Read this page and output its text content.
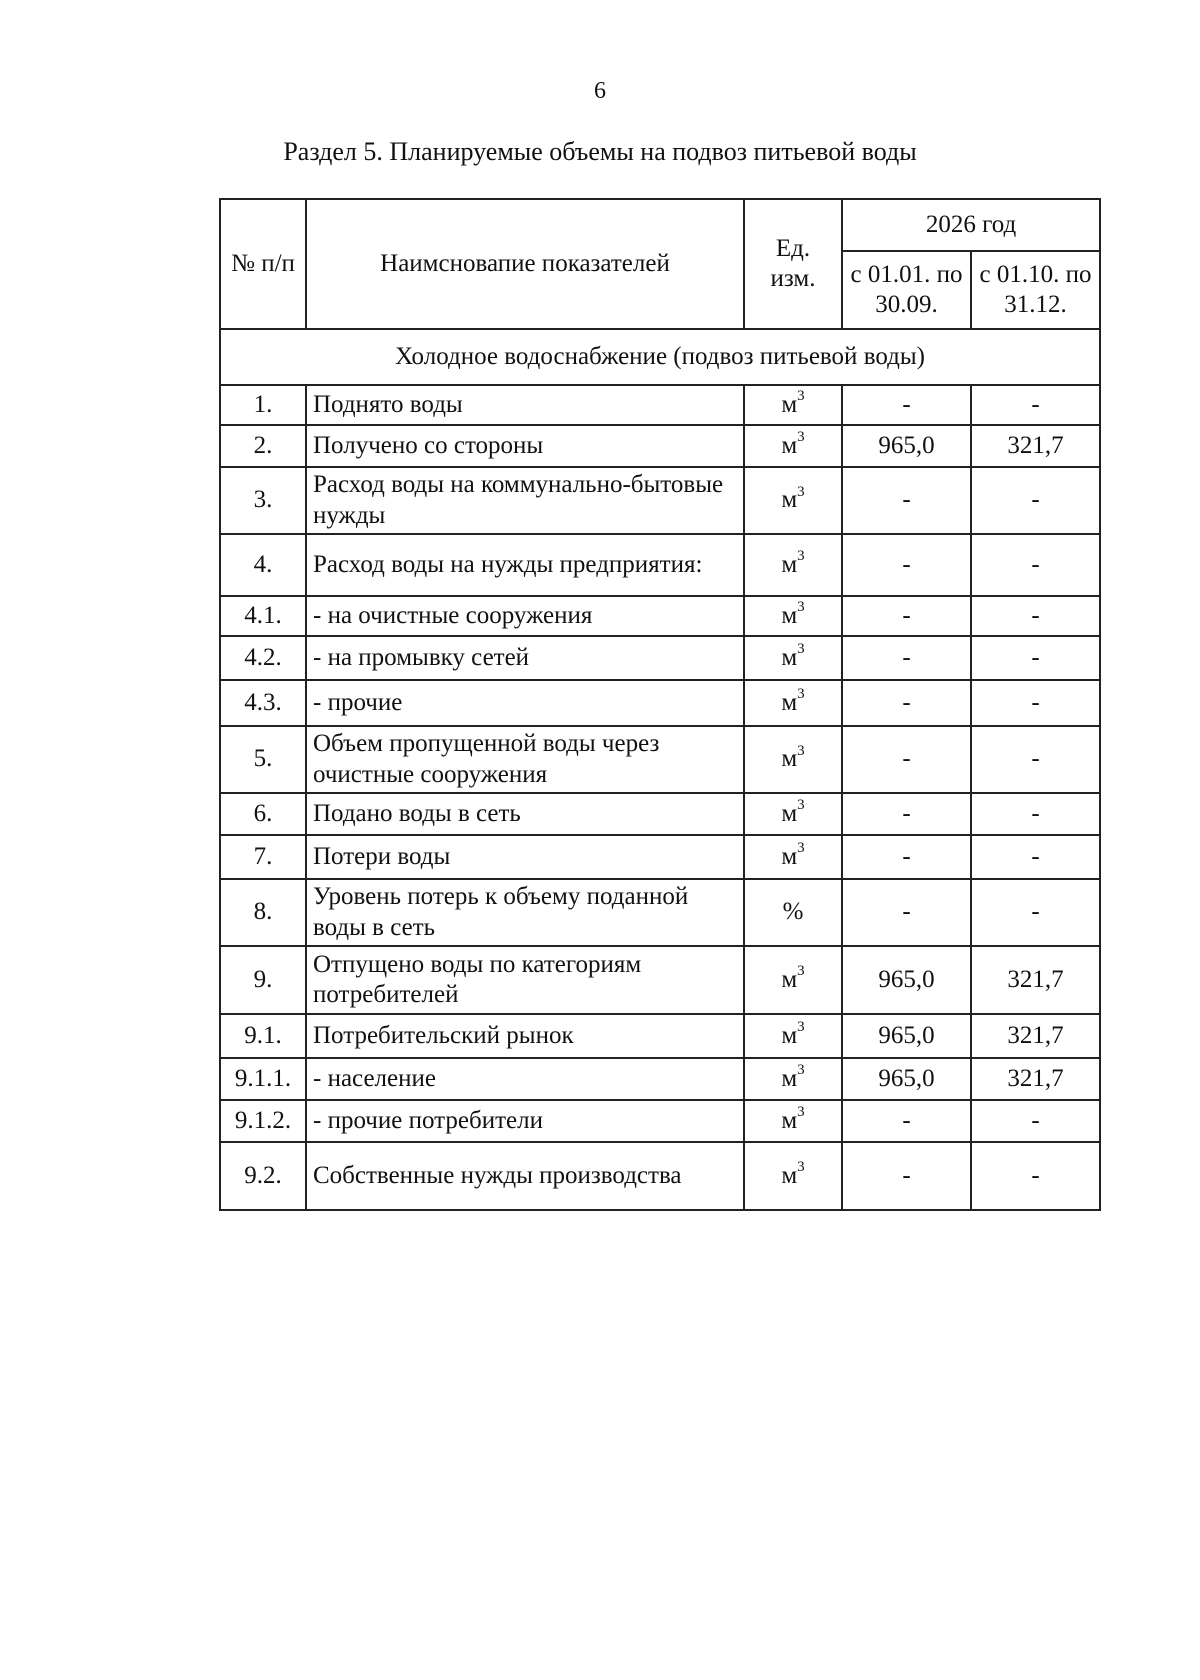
6
Раздел 5. Планируемые объемы на подвоз питьевой воды
№ п/п	Наимсновапие показателей	Ед. изм.	2026 год	
			с 01.01. по 30.09.	с 01.10. по 31.12.
Холодное водоснабжение (подвоз питьевой воды)				
1.	Поднято воды	$м^3$	-	-
2.	Получено со стороны	$м^3$	965,0	321,7
3.	Расход воды на коммунально-бытовые нужды	$м^3$	-	-
4.	Расход воды на нужды предприятия:	$м^3$	-	-
4.1.	- на очистные сооружения	$м^3$	-	-
4.2.	- на промывку сетей	$м^3$	-	-
4.3.	- прочие	$м^3$	-	-
5.	Объем пропущенной воды через очистные сооружения	$м^3$	-	-
6.	Подано воды в сеть	$м^3$	-	-
7.	Потери воды	$м^3$	-	-
8.	Уровень потерь к объему поданной воды в сеть	%	-	-
9.	Отпущено воды по категориям потребителей	$м^3$	965,0	321,7
9.1.	Потребительский рынок	$м^3$	965,0	321,7
9.1.1.	- население	$м^3$	965,0	321,7
9.1.2.	- прочие потребители	$м^3$	-	-
9.2.	Собственные нужды производства	$м^3$	-	-
